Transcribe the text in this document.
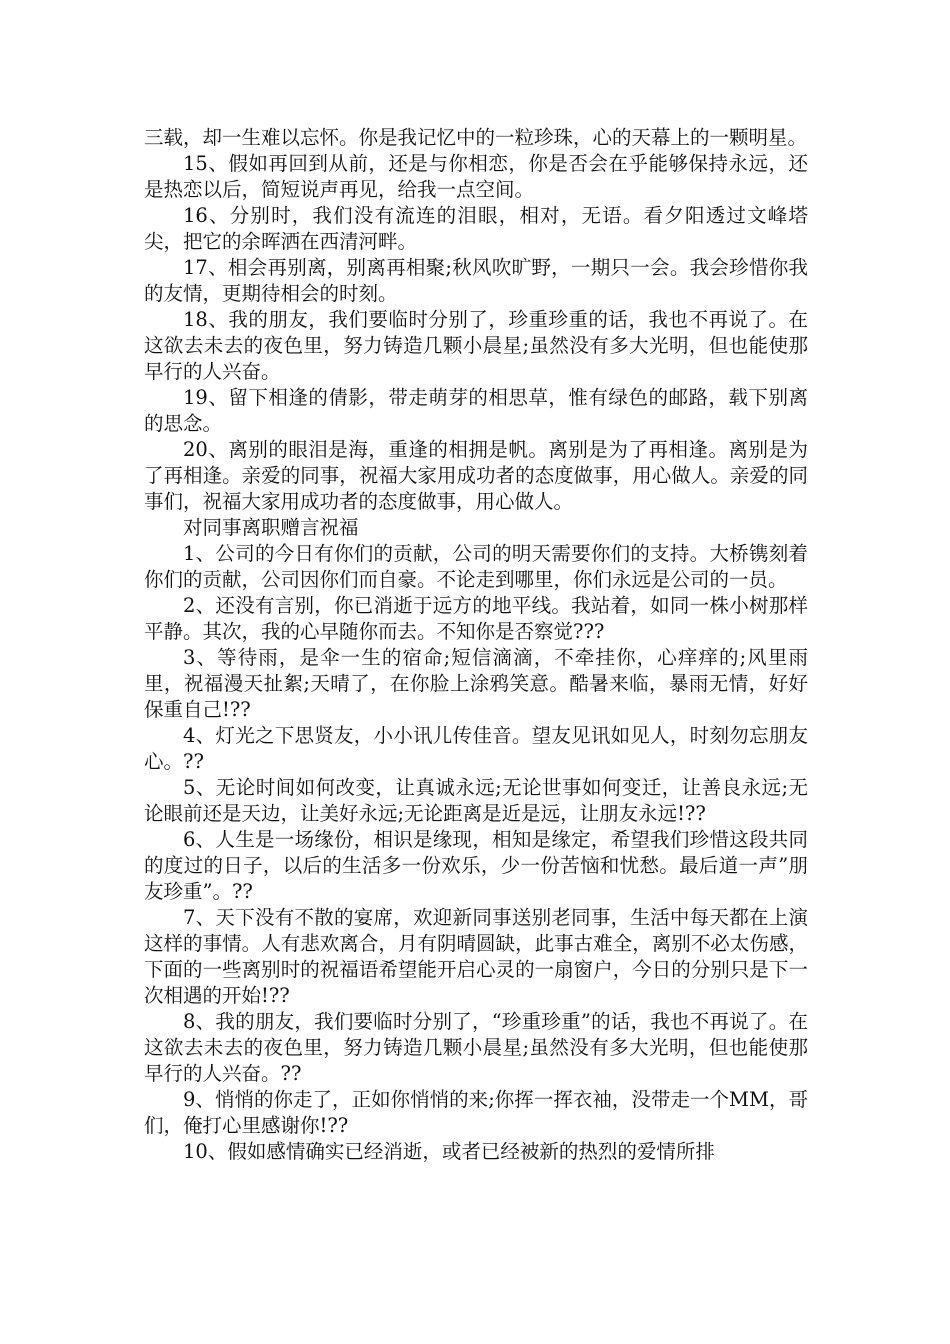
三载，却一生难以忘怀。你是我记忆中的一粒珍珠，心的天幕上的一颗明星。

15、假如再回到从前，还是与你相恋，你是否会在乎能够保持永远，还是热恋以后，简短说声再见，给我一点空间。

16、分别时，我们没有流连的泪眼，相对，无语。看夕阳透过文峰塔尖，把它的余晖洒在西清河畔。

17、相会再别离，别离再相聚;秋风吹旷野，一期只一会。我会珍惜你我的友情，更期待相会的时刻。

18、我的朋友，我们要临时分别了，珍重珍重的话，我也不再说了。在这欲去未去的夜色里，努力铸造几颗小晨星;虽然没有多大光明，但也能使那早行的人兴奋。

19、留下相逢的倩影，带走萌芽的相思草，惟有绿色的邮路，载下别离的思念。

20、离别的眼泪是海，重逢的相拥是帆。离别是为了再相逢。离别是为了再相逢。亲爱的同事，祝福大家用成功者的态度做事，用心做人。亲爱的同事们，祝福大家用成功者的态度做事，用心做人。

对同事离职赠言祝福

1、公司的今日有你们的贡献，公司的明天需要你们的支持。大桥镌刻着你们的贡献，公司因你们而自豪。不论走到哪里，你们永远是公司的一员。

2、还没有言别，你已消逝于远方的地平线。我站着，如同一株小树那样平静。其次，我的心早随你而去。不知你是否察觉???

3、等待雨，是伞一生的宿命;短信滴滴，不牵挂你，心痒痒的;风里雨里，祝福漫天扯絮;天晴了，在你脸上涂鸦笑意。酷暑来临，暴雨无情，好好保重自己!??

4、灯光之下思贤友，小小讯儿传佳音。望友见讯如见人，时刻勿忘朋友心。??

5、无论时间如何改变，让真诚永远;无论世事如何变迁，让善良永远;无论眼前还是天边，让美好永远;无论距离是近是远，让朋友永远!??

6、人生是一场缘份，相识是缘现，相知是缘定，希望我们珍惜这段共同的度过的日子，以后的生活多一份欢乐，少一份苦恼和忧愁。最后道一声”朋友珍重”。??

7、天下没有不散的宴席，欢迎新同事送别老同事，生活中每天都在上演这样的事情。人有悲欢离合，月有阴晴圆缺，此事古难全，离别不必太伤感，下面的一些离别时的祝福语希望能开启心灵的一扇窗户，今日的分别只是下一次相遇的开始!??

8、我的朋友，我们要临时分别了，“珍重珍重”的话，我也不再说了。在这欲去未去的夜色里，努力铸造几颗小晨星;虽然没有多大光明，但也能使那早行的人兴奋。??

9、悄悄的你走了，正如你悄悄的来;你挥一挥衣袖，没带走一个MM，哥们，俺打心里感谢你!??

10、假如感情确实已经消逝，或者已经被新的热烈的爱情所排
